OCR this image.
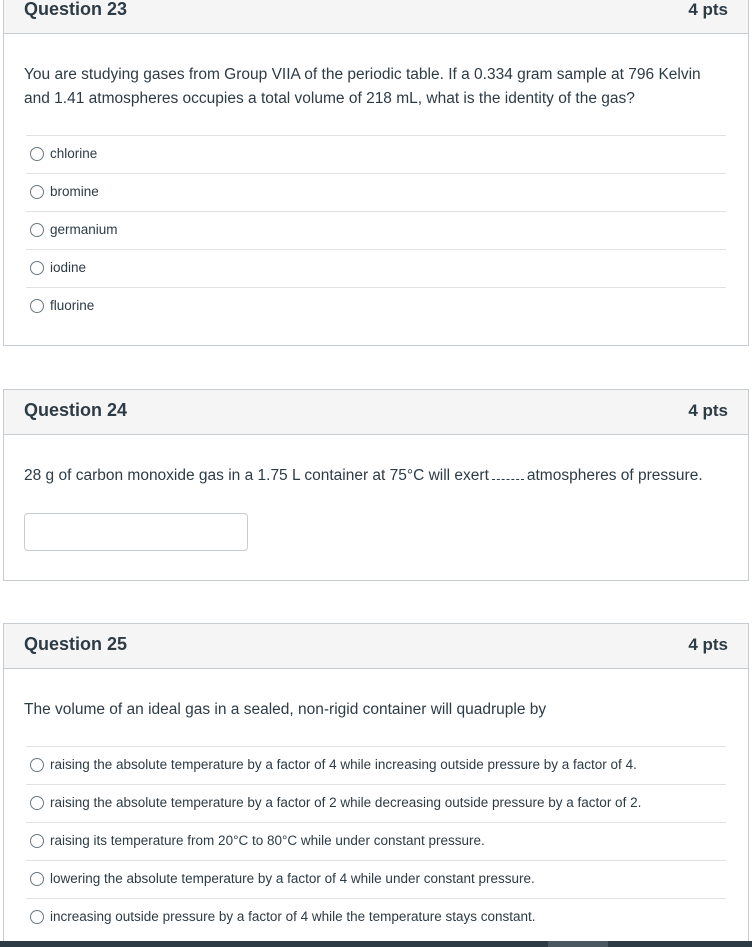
Question 23	4 pts
You are studying gases from Group VIIA of the periodic table. If a 0.334 gram sample at 796 Kelvin
and 1.41 atmospheres occupies a total volume of 218 mL, what is the identity of the gas?
chlorine
bromine
germanium
iodine
fluorine
Question 24	4 pts
28 g of carbon monoxide gas in a 1.75 L container at 75°C will exert atmospheres of pressure.
Question 25	4 pts
The volume of an ideal gas in a sealed, non-rigid container will quadruple by
raising the absolute temperature by a factor of 4 while increasing outside pressure by a factor of 4.
raising the absolute temperature by a factor of 2 while decreasing outside pressure by a factor of 2.
raising its temperature from 20°C to 80°C while under constant pressure.
lowering the absolute temperature by a factor of 4 while under constant pressure.
increasing outside pressure by a factor of 4 while the temperature stays constant.
